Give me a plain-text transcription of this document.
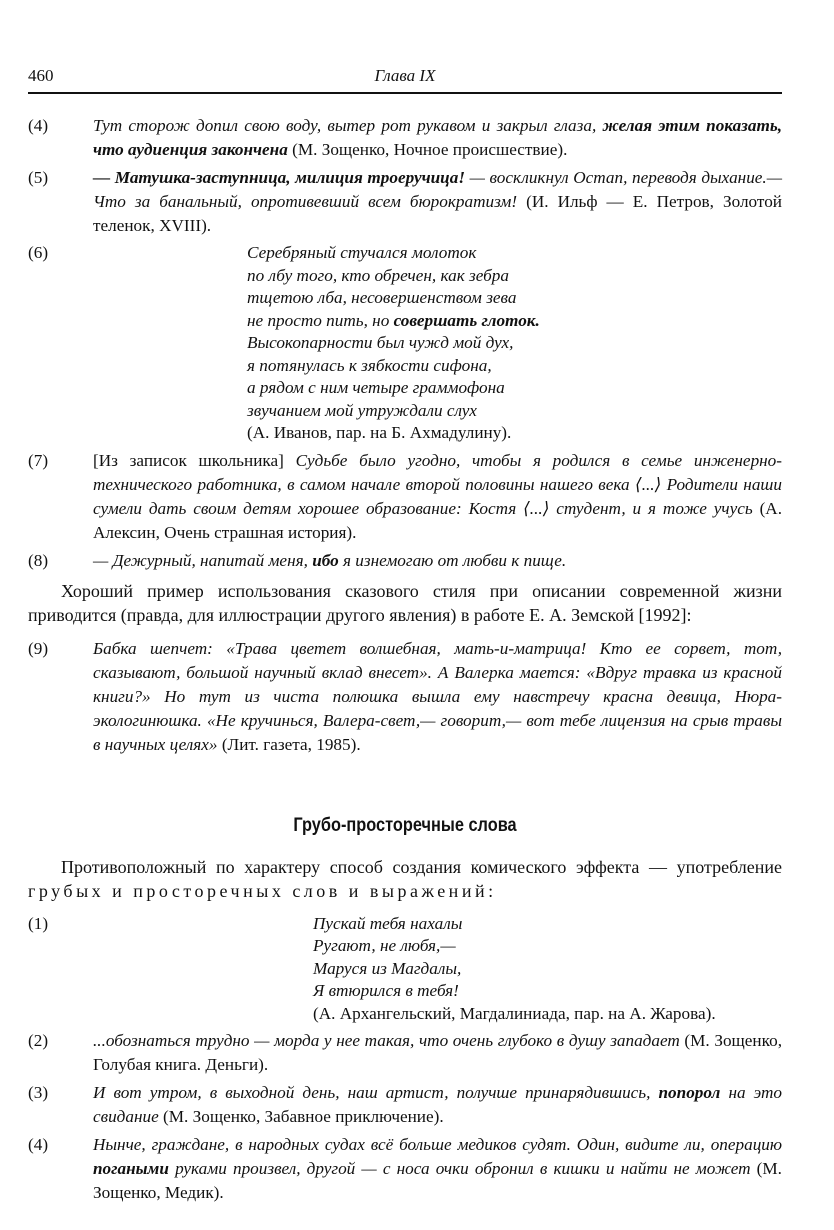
460	Глава IX
(4)	Тут сторож допил свою воду, вытер рот рукавом и закрыл глаза, желая этим показать, что аудиенция закончена (М. Зощенко, Ночное происшествие).
(5)	— Матушка-заступница, милиция троеручица! — воскликнул Остап, переводя дыхание.— Что за банальный, опротивевший всем бюрократизм! (И. Ильф — Е. Петров, Золотой теленок, XVIII).
(6)	Серебряный стучался молоток
по лбу того, кто обречен, как зебра
тщетою лба, несовершенством зева
не просто пить, но совершать глоток.
Высокопарности был чужд мой дух,
я потянулась к зябкости сифона,
а рядом с ним четыре граммофона
звучанием мой утруждали слух
(А. Иванов, пар. на Б. Ахмадулину).
(7)	[Из записок школьника] Судьбе было угодно, чтобы я родился в семье инженерно-технического работника, в самом начале второй половины нашего века ⟨...⟩ Родители наши сумели дать своим детям хорошее образование: Костя ⟨...⟩ студент, и я тоже учусь (А. Алексин, Очень страшная история).
(8)	— Дежурный, напитай меня, ибо я изнемогаю от любви к пище.

Хороший пример использования сказового стиля при описании современной жизни приводится (правда, для иллюстрации другого явления) в работе Е. А. Земской [1992]:

(9)	Бабка шепчет: «Трава цветет волшебная, мать-и-матрица! Кто ее сорвет, тот, сказывают, большой научный вклад внесет». А Валерка мается: «Вдруг травка из красной книги?» Но тут из чиста полюшка вышла ему навстречу красна девица, Нюра-экологинюшка. «Не кручинься, Валера-свет,— говорит,— вот тебе лицензия на срыв травы в научных целях» (Лит. газета, 1985).
Грубо-просторечные слова

Противоположный по характеру способ создания комического эффекта — употребление грубых и просторечных слов и выражений:

(1)	Пускай тебя нахалы
Ругают, не любя,—
Маруся из Магдалы,
Я втюрился в тебя!
(А. Архангельский, Магдалиниада, пар. на А. Жарова).
(2)	...обознаться трудно — морда у нее такая, что очень глубоко в душу западает (М. Зощенко, Голубая книга. Деньги).
(3)	И вот утром, в выходной день, наш артист, получше принарядившись, попорол на это свидание (М. Зощенко, Забавное приключение).
(4)	Нынче, граждане, в народных судах всё больше медиков судят. Один, видите ли, операцию погаными руками произвел, другой — с носа очки обронил в кишки и найти не может (М. Зощенко, Медик).
